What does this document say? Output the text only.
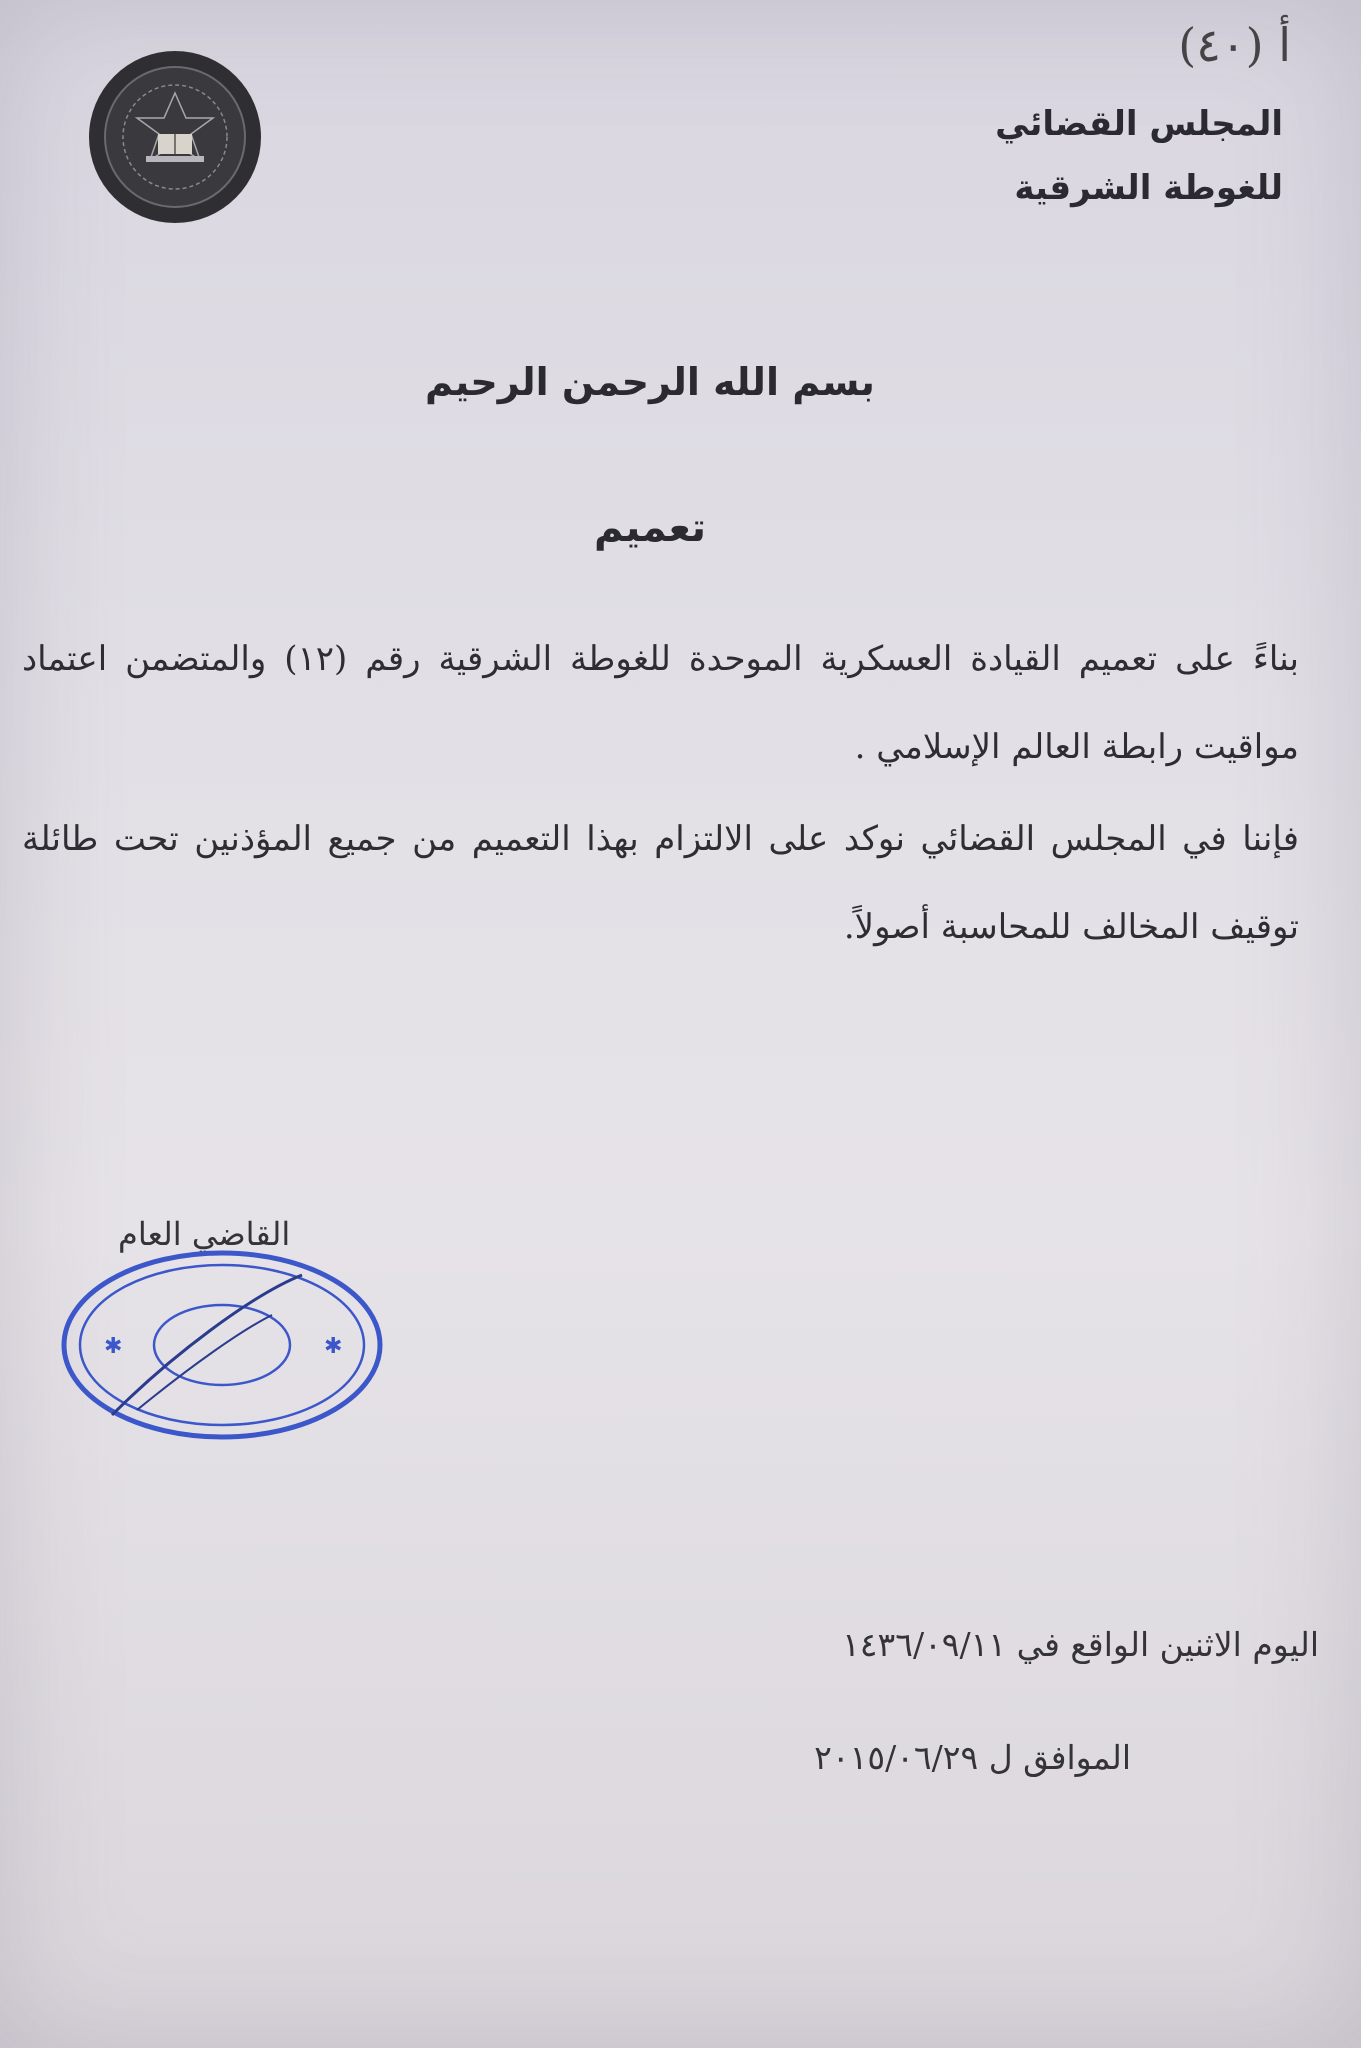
(٤٠) أ
المجلس القضائي
للغوطة الشرقية
بسم الله الرحمن الرحيم
تعميم
بناءً على تعميم القيادة العسكرية الموحدة للغوطة الشرقية رقم (١٢) والمتضمن اعتماد مواقيت رابطة العالم الإسلامي .
فإننا في المجلس القضائي نوكد على الالتزام بهذا التعميم من جميع المؤذنين تحت طائلة توقيف المخالف للمحاسبة أصولاً.
القاضي العام
✱
✱
اليوم الاثنين الواقع في ١٤٣٦/٠٩/١١
الموافق ل ٢٠١٥/٠٦/٢٩
